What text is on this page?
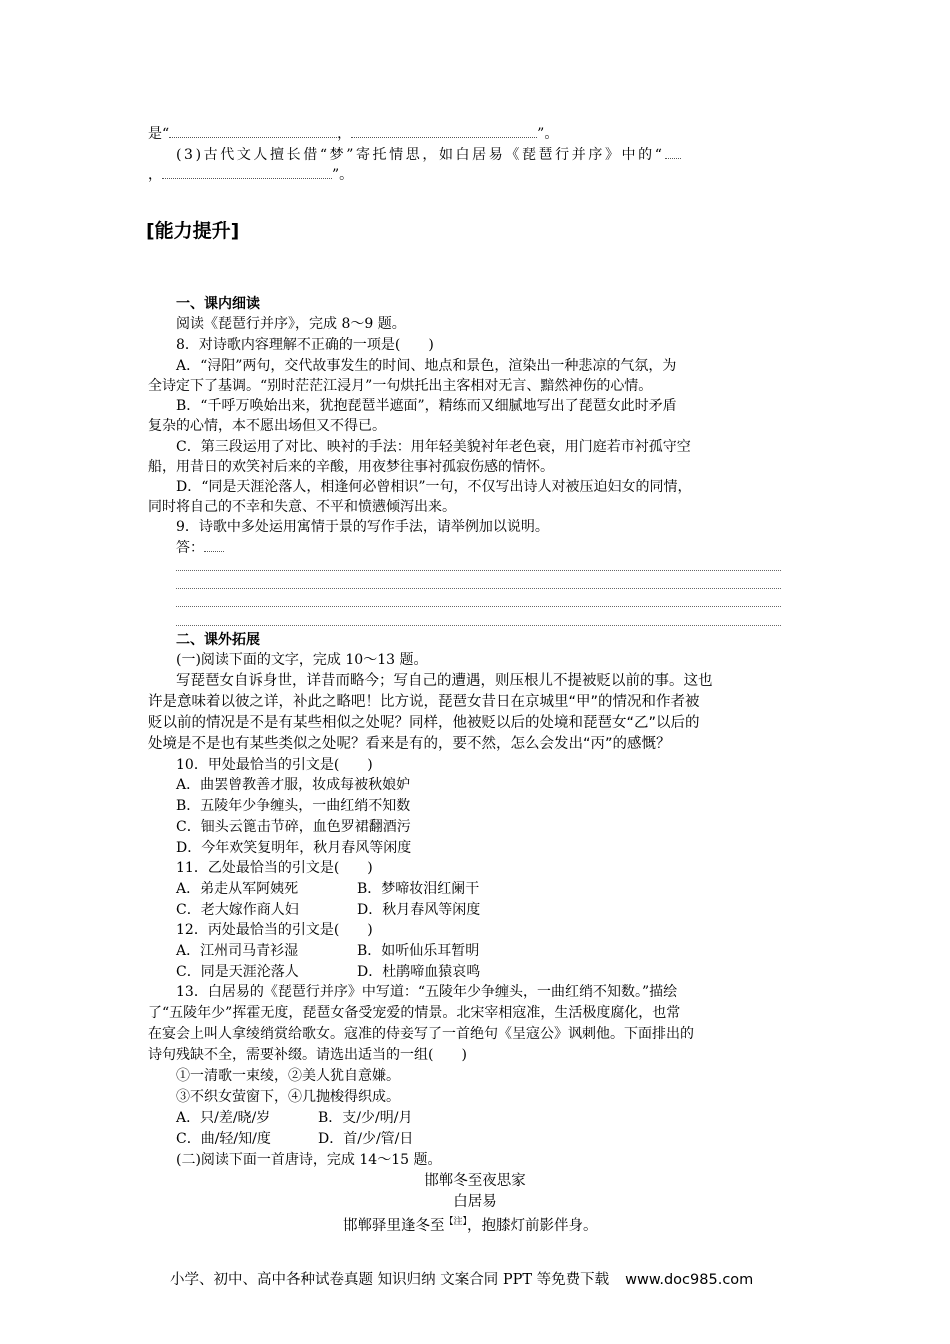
是“	，	”。
(3)古代文人擅长借“梦”寄托情思，如白居易《琵琶行并序》中的“
，	”。
[能力提升]
一、课内细读
阅读《琵琶行并序》，完成 8～9 题。
8．对诗歌内容理解不正确的一项是(　　)
A．“浔阳”两句，交代故事发生的时间、地点和景色，渲染出一种悲凉的气氛，为
全诗定下了基调。“别时茫茫江浸月”一句烘托出主客相对无言、黯然神伤的心情。
B．“千呼万唤始出来，犹抱琵琶半遮面”，精练而又细腻地写出了琵琶女此时矛盾
复杂的心情，本不愿出场但又不得已。
C．第三段运用了对比、映衬的手法：用年轻美貌衬年老色衰，用门庭若市衬孤守空
船，用昔日的欢笑衬后来的辛酸，用夜梦往事衬孤寂伤感的情怀。
D．“同是天涯沦落人，相逢何必曾相识”一句，不仅写出诗人对被压迫妇女的同情，
同时将自己的不幸和失意、不平和愤懑倾泻出来。
9．诗歌中多处运用寓情于景的写作手法，请举例加以说明。
答：
二、课外拓展
(一)阅读下面的文字，完成 10～13 题。
写琵琶女自诉身世，详昔而略今；写自己的遭遇，则压根儿不提被贬以前的事。这也
许是意味着以彼之详，补此之略吧！比方说，琵琶女昔日在京城里“甲”的情况和作者被
贬以前的情况是不是有某些相似之处呢？同样，他被贬以后的处境和琵琶女“乙”以后的
处境是不是也有某些类似之处呢？看来是有的，要不然，怎么会发出“丙”的感慨？
10．甲处最恰当的引文是(　　)
A．曲罢曾教善才服，妆成每被秋娘妒
B．五陵年少争缠头，一曲红绡不知数
C．钿头云篦击节碎，血色罗裙翻酒污
D．今年欢笑复明年，秋月春风等闲度
11．乙处最恰当的引文是(　　)
A．弟走从军阿姨死	B．梦啼妆泪红阑干
C．老大嫁作商人妇	D．秋月春风等闲度
12．丙处最恰当的引文是(　　)
A．江州司马青衫湿	B．如听仙乐耳暂明
C．同是天涯沦落人	D．杜鹃啼血猿哀鸣
13．白居易的《琵琶行并序》中写道：“五陵年少争缠头，一曲红绡不知数。”描绘
了“五陵年少”挥霍无度，琵琶女备受宠爱的情景。北宋宰相寇准，生活极度腐化，也常
在宴会上叫人拿绫绡赏给歌女。寇准的侍妾写了一首绝句《呈寇公》讽刺他。下面排出的
诗句残缺不全，需要补缀。请选出适当的一组(　　)
①一清歌一束绫，②美人犹自意嫌。
③不织女萤窗下，④几抛梭得织成。
A．只/差/晓/岁	B．支/少/明/月
C．曲/轻/知/度	D．首/少/管/日
(二)阅读下面一首唐诗，完成 14～15 题。
邯郸冬至夜思家
白居易
邯郸驿里逢冬至$^{【注】}$，抱膝灯前影伴身。
小学、初中、高中各种试卷真题 知识归纳 文案合同 PPT 等免费下载 www.doc985.com
